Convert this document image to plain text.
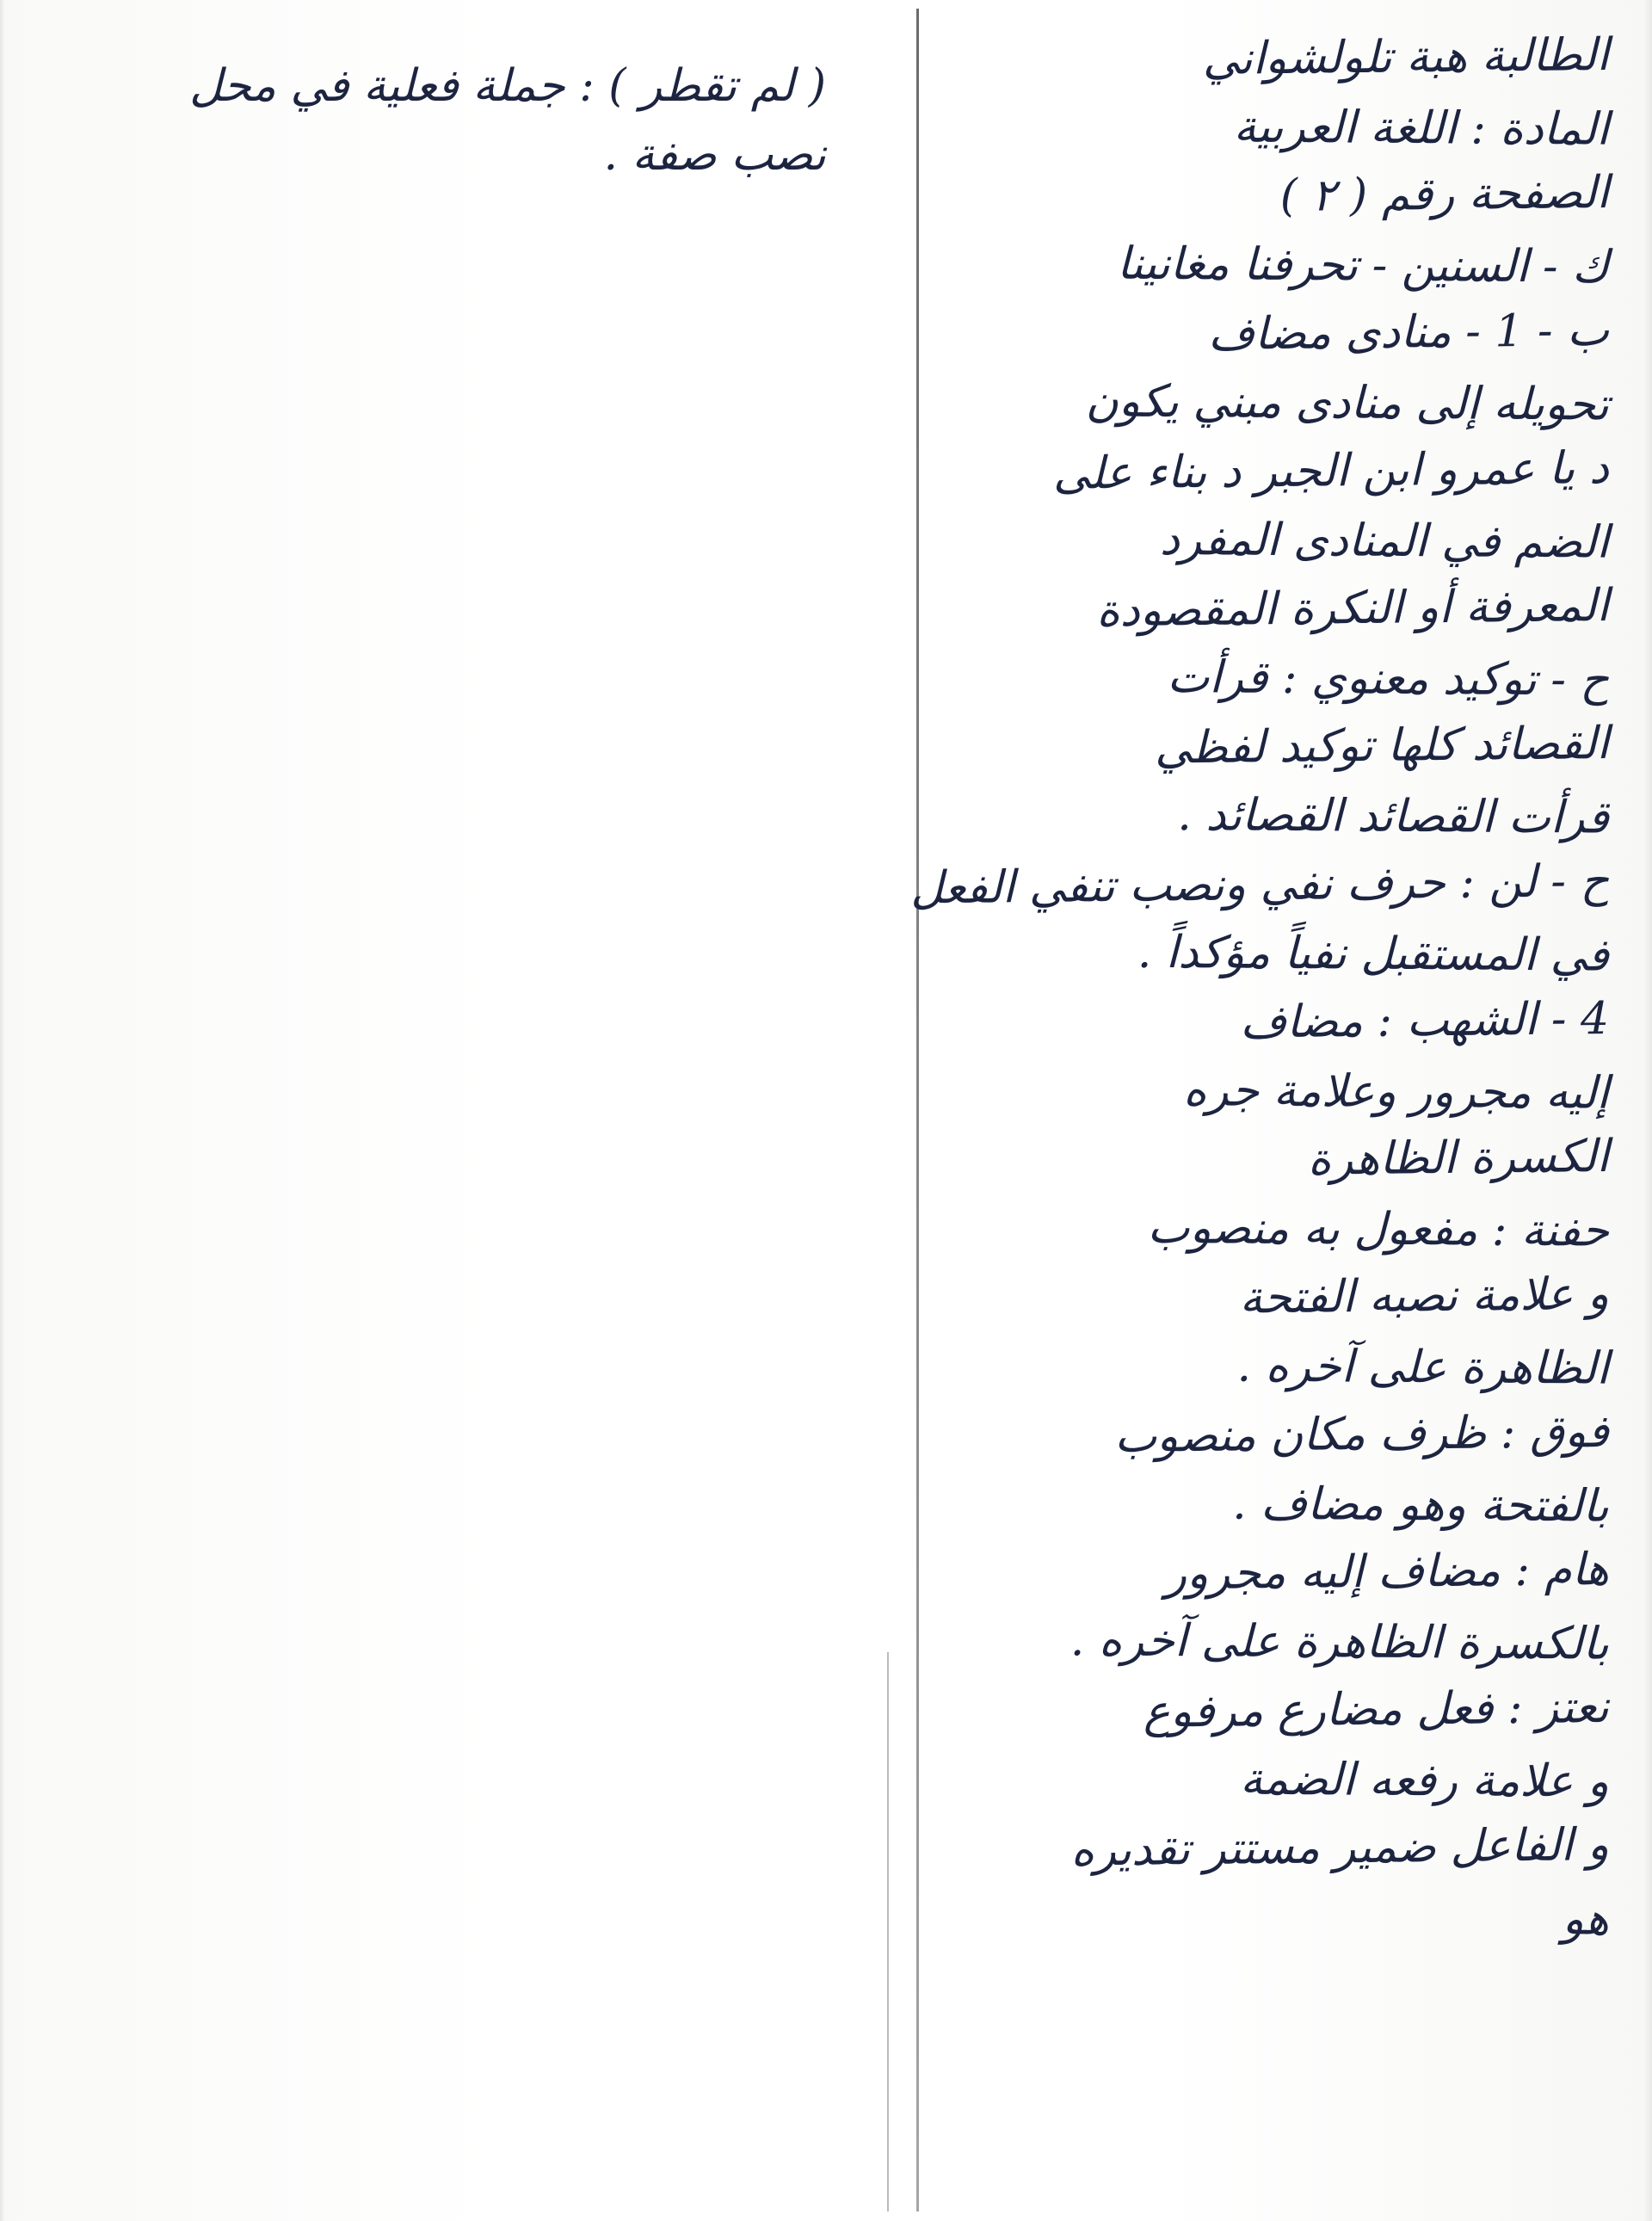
( لم تقطر ) : جملة فعلية في محل
نصب صفة .
الطالبة هبة تلولشواني
المادة : اللغة العربية
الصفحة رقم ( ٢ )
ك - السنين - تحرفنا مغانينا
ب - 1 - منادى مضاف
تحويله إلى منادى مبني يكون
د يا عمرو ابن الجبر د بناء على
الضم في المنادى المفرد
المعرفة أو النكرة المقصودة
ح - توكيد معنوي : قرأت
القصائد كلها توكيد لفظي
قرأت القصائد القصائد .
ح - لن : حرف نفي ونصب تنفي الفعل
في المستقبل نفياً مؤكداً .
4 - الشهب : مضاف
إليه مجرور وعلامة جره
الكسرة الظاهرة
حفنة : مفعول به منصوب
و علامة نصبه الفتحة
الظاهرة على آخره .
فوق : ظرف مكان منصوب
بالفتحة وهو مضاف .
هام : مضاف إليه مجرور
بالكسرة الظاهرة على آخره .
نعتز : فعل مضارع مرفوع
و علامة رفعه الضمة
و الفاعل ضمير مستتر تقديره
هو
